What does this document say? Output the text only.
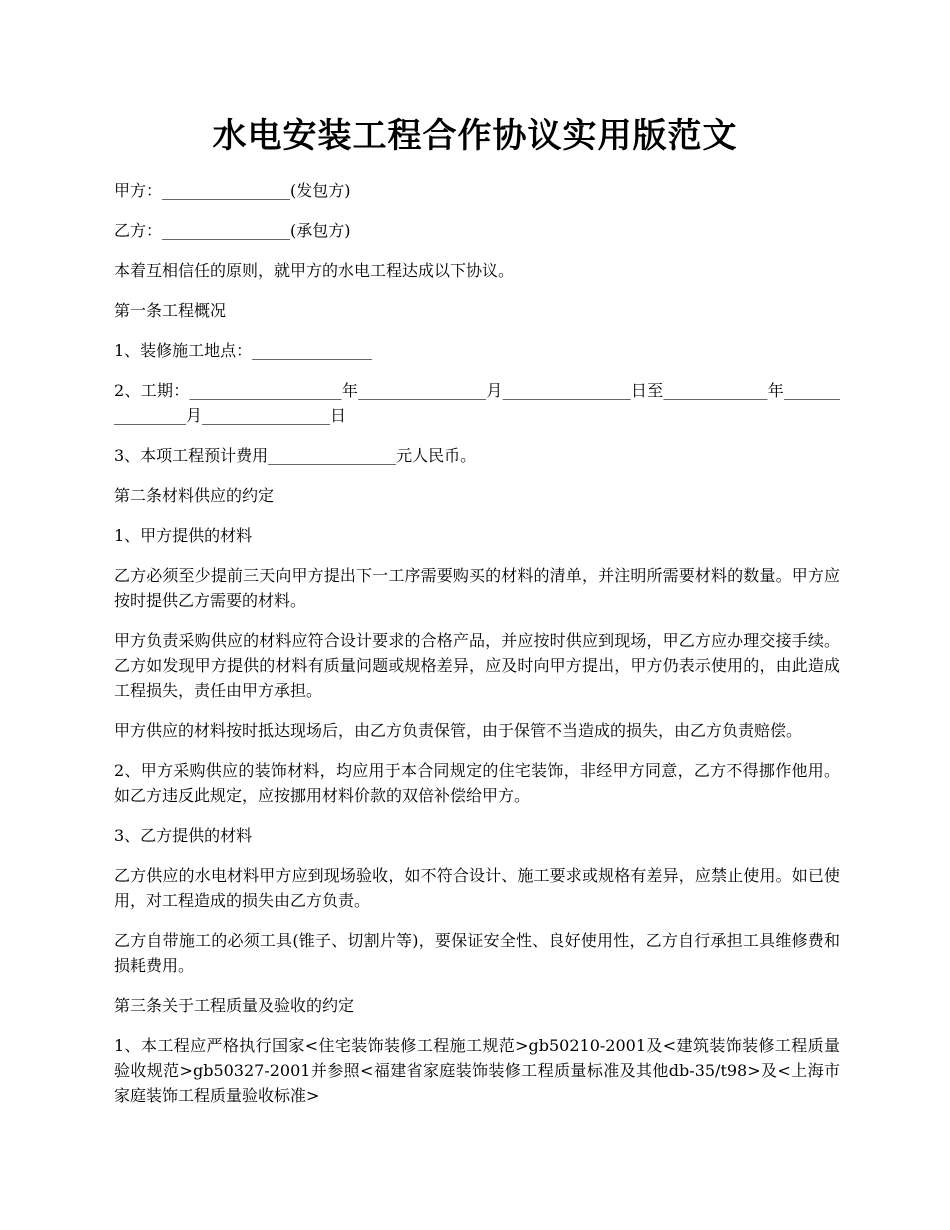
水电安装工程合作协议实用版范文

甲方：________________(发包方)

乙方：________________(承包方)

本着互相信任的原则，就甲方的水电工程达成以下协议。

第一条工程概况

1、装修施工地点：_______________

2、工期：___________________年________________月________________日至_____________年________________月________________日

3、本项工程预计费用________________元人民币。

第二条材料供应的约定

1、甲方提供的材料

乙方必须至少提前三天向甲方提出下一工序需要购买的材料的清单，并注明所需要材料的数量。甲方应按时提供乙方需要的材料。

甲方负责采购供应的材料应符合设计要求的合格产品，并应按时供应到现场，甲乙方应办理交接手续。乙方如发现甲方提供的材料有质量问题或规格差异，应及时向甲方提出，甲方仍表示使用的，由此造成工程损失，责任由甲方承担。

甲方供应的材料按时抵达现场后，由乙方负责保管，由于保管不当造成的损失，由乙方负责赔偿。

2、甲方采购供应的装饰材料，均应用于本合同规定的住宅装饰，非经甲方同意，乙方不得挪作他用。如乙方违反此规定，应按挪用材料价款的双倍补偿给甲方。

3、乙方提供的材料

乙方供应的水电材料甲方应到现场验收，如不符合设计、施工要求或规格有差异，应禁止使用。如已使用，对工程造成的损失由乙方负责。

乙方自带施工的必须工具(锥子、切割片等)，要保证安全性、良好使用性，乙方自行承担工具维修费和损耗费用。

第三条关于工程质量及验收的约定

1、本工程应严格执行国家<住宅装饰装修工程施工规范>gb50210-2001及<建筑装饰装修工程质量验收规范>gb50327-2001并参照<福建省家庭装饰装修工程质量标准及其他db-35/t98>及<上海市家庭装饰工程质量验收标准>
